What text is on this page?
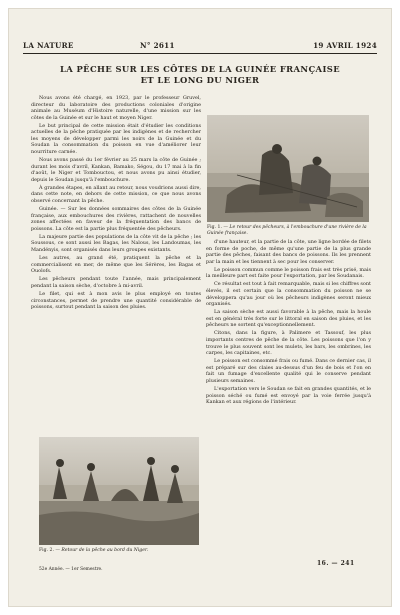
LA NATURE	N° 2611	19 AVRIL 1924
LA PÊCHE SUR LES CÔTES DE LA GUINÉE FRANÇAISE
ET LE LONG DU NIGER

Nous avons été chargé, en 1923, par le professeur Gruvel, directeur du laboratoire des productions coloniales d'origine animale au Muséum d'Histoire naturelle, d'une mission sur les côtes de la Guinée et sur le haut et moyen Niger.

Le but principal de cette mission était d'étudier les conditions actuelles de la pêche pratiquée par les indigènes et de rechercher les moyens de développer parmi les noirs de la Guinée et du Soudan la consommation du poisson en vue d'améliorer leur nourriture carnée.

Nous avons passé du 1er février au 25 mars la côte de Guinée ; durant les mois d'avril, Kankan, Bamako, Ségou, du 17 mai à la fin d'août, le Niger et Tombouctou, et nous avons pu ainsi étudier, depuis le Soudan jusqu'à l'embouchure.

À grandes étapes, en allant au retour, nous voudrions aussi dire, dans cette note, en dehors de cette mission, ce que nous avons observé concernant la pêche.

Guinée. — Sur les données sommaires des côtes de la Guinée française, aux embouchures des rivières, rattachent de nouvelles zones affectées en faveur de la fréquentation des bancs de poissons. La côte est la partie plus fréquentée des pêcheurs.

La majeure partie des populations de la côte vit de la pêche ; les Soussous, ce sont aussi les Bagas, les Nalous, les Landoumas, les Mandényis, sont organisés dans leurs groupes existants.

Les autres, au grand été, pratiquent la pêche et la commercialisent en mer, de même que les Sérères, les Bagas et Ouolofs.

Les pêcheurs pendant toute l'année, mais principalement pendant la saison sèche, d'octobre à mi-avril.

Le filet, qui est à mon avis le plus employé en toutes circonstances, permet de prendre une quantité considérable de poissons, surtout pendant la saison des pluies.

Fig. 1. — Le retour des pêcheurs, à l'embouchure d'une rivière de la Guinée française.

d'une hauteur, et la partie de la côte, une ligne bordée de filets en forme de poche, de même qu'une partie de la plus grande partie des pêches, faisant des bancs de poissons. Ils les prennent par la main et les tiennent à sec pour les conserver.

Le poisson commun comme le poisson frais est très prisé, mais la meilleure part est faite pour l'exportation, par les Soudanais.

Ce résultat est tout à fait remarquable, mais si les chiffres sont élevés, il est certain que la consommation du poisson ne se développera qu'au jour où les pêcheurs indigènes seront mieux organisés.

La saison sèche est aussi favorable à la pêche, mais la houle est en général très forte sur le littoral en saison des pluies, et les pêcheurs ne sortent qu'exceptionnellement.

Citons, dans la figure, à Palimere et Tassouf, les plus importants centres de pêche de la côte. Les poissons que l'on y trouve le plus souvent sont les mulets, les bars, les ombrines, les carpes, les capitaines, etc.

Le poisson est consommé frais ou fumé. Dans ce dernier cas, il est préparé sur des claies au-dessus d'un feu de bois et l'on en fait un fumage d'excellente qualité qui le conserve pendant plusieurs semaines.

L'exportation vers le Soudan se fait en grandes quantités, et le poisson séché ou fumé est envoyé par la voie ferrée jusqu'à Kankan et aux régions de l'intérieur.

Fig. 2. — Retour de la pêche au bord du Niger.
52e Année. — 1er Semestre.
16. — 241
